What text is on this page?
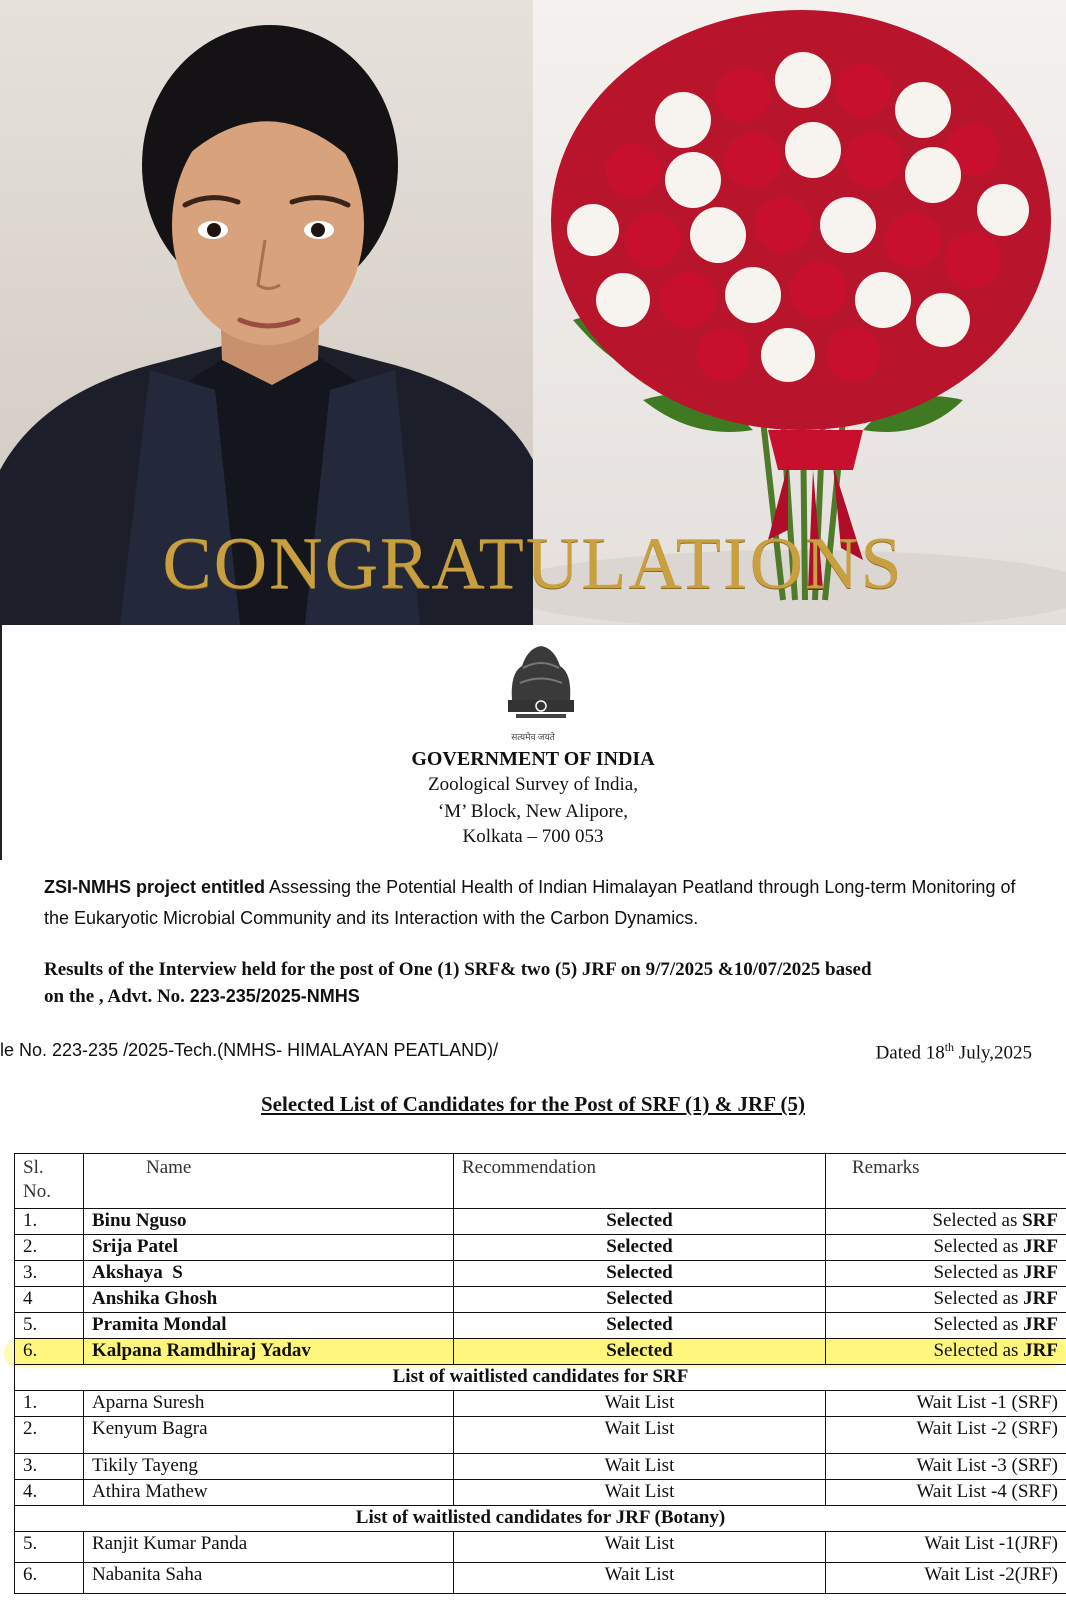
CONGRATULATIONS
सत्यमेव जयते
GOVERNMENT OF INDIA
Zoological Survey of India,
‘M’ Block, New Alipore,
Kolkata – 700 053
ZSI-NMHS project entitled Assessing the Potential Health of Indian Himalayan Peatland through Long-term Monitoring of the Eukaryotic Microbial Community and its Interaction with the Carbon Dynamics.
Results of the Interview held for the post of One (1) SRF& two (5) JRF on 9/7/2025 &10/07/2025 based
on the , Advt. No. 223-235/2025-NMHS
le No. 223-235 /2025-Tech.(NMHS- HIMALAYAN PEATLAND)/	Dated 18th July,2025
Selected List of Candidates for the Post of SRF (1) & JRF (5)
Sl.
No.	Name	Recommendation	Remarks
1.	Binu Nguso	Selected	Selected as SRF
2.	Srija Patel	Selected	Selected as JRF
3.	Akshaya  S	Selected	Selected as JRF
4	Anshika Ghosh	Selected	Selected as JRF
5.	Pramita Mondal	Selected	Selected as JRF
6.	Kalpana Ramdhiraj Yadav	Selected	Selected as JRF
List of waitlisted candidates for SRF			
1.	Aparna Suresh	Wait List	Wait List -1 (SRF)
2.	Kenyum Bagra	Wait List	Wait List -2 (SRF)
3.	Tikily Tayeng	Wait List	Wait List -3 (SRF)
4.	Athira Mathew	Wait List	Wait List -4 (SRF)
List of waitlisted candidates for JRF (Botany)			
5.	Ranjit Kumar Panda	Wait List	Wait List -1(JRF)
6.	Nabanita Saha	Wait List	Wait List -2(JRF)
